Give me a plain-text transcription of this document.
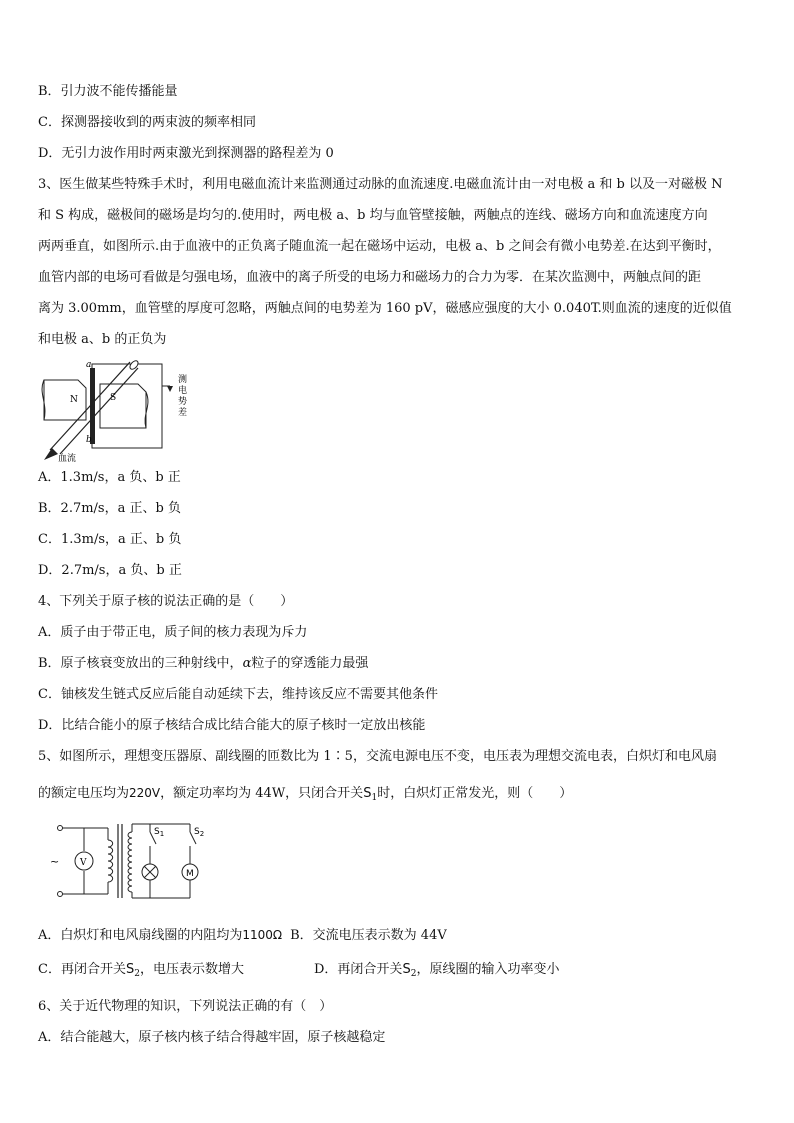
B．引力波不能传播能量
C．探测器接收到的两束波的频率相同
D．无引力波作用时两束激光到探测器的路程差为 0
3、医生做某些特殊手术时，利用电磁血流计来监测通过动脉的血流速度.电磁血流计由一对电极 a 和 b 以及一对磁极 N
和 S 构成，磁极间的磁场是均匀的.使用时，两电极 a、b 均与血管壁接触，两触点的连线、磁场方向和血流速度方向
两两垂直，如图所示.由于血液中的正负离子随血流一起在磁场中运动，电极 a、b 之间会有微小电势差.在达到平衡时，
血管内部的电场可看做是匀强电场，血液中的离子所受的电场力和磁场力的合力为零．在某次监测中，两触点间的距
离为 3.00mm，血管壁的厚度可忽略，两触点间的电势差为 160 pV，磁感应强度的大小 0.040T.则血流的速度的近似值
和电极 a、b 的正负为
a
b
N	S
血流
测
电
势
差
A．1.3m/s，a 负、b 正
B．2.7m/s，a 正、b 负
C．1.3m/s，a 正、b 负
D．2.7m/s，a 负、b 正
4、下列关于原子核的说法正确的是（　　）
A．质子由于带正电，质子间的核力表现为斥力
B．原子核衰变放出的三种射线中，α粒子的穿透能力最强
C．铀核发生链式反应后能自动延续下去，维持该反应不需要其他条件
D．比结合能小的原子核结合成比结合能大的原子核时一定放出核能
5、如图所示，理想变压器原、副线圈的匝数比为 1∶5，交流电源电压不变，电压表为理想交流电表，白炽灯和电风扇
的额定电压均为220V，额定功率均为 44W，只闭合开关$S_1$时，白炽灯正常发光，则（　　）
~ V
$S_1$
M
$S_2$
A．白炽灯和电风扇线圈的内阻均为1100Ω B．交流电压表示数为 44V
C．再闭合开关$S_2$，电压表示数增大	D．再闭合开关$S_2$，原线圈的输入功率变小
6、关于近代物理的知识，下列说法正确的有（　）
A．结合能越大，原子核内核子结合得越牢固，原子核越稳定
